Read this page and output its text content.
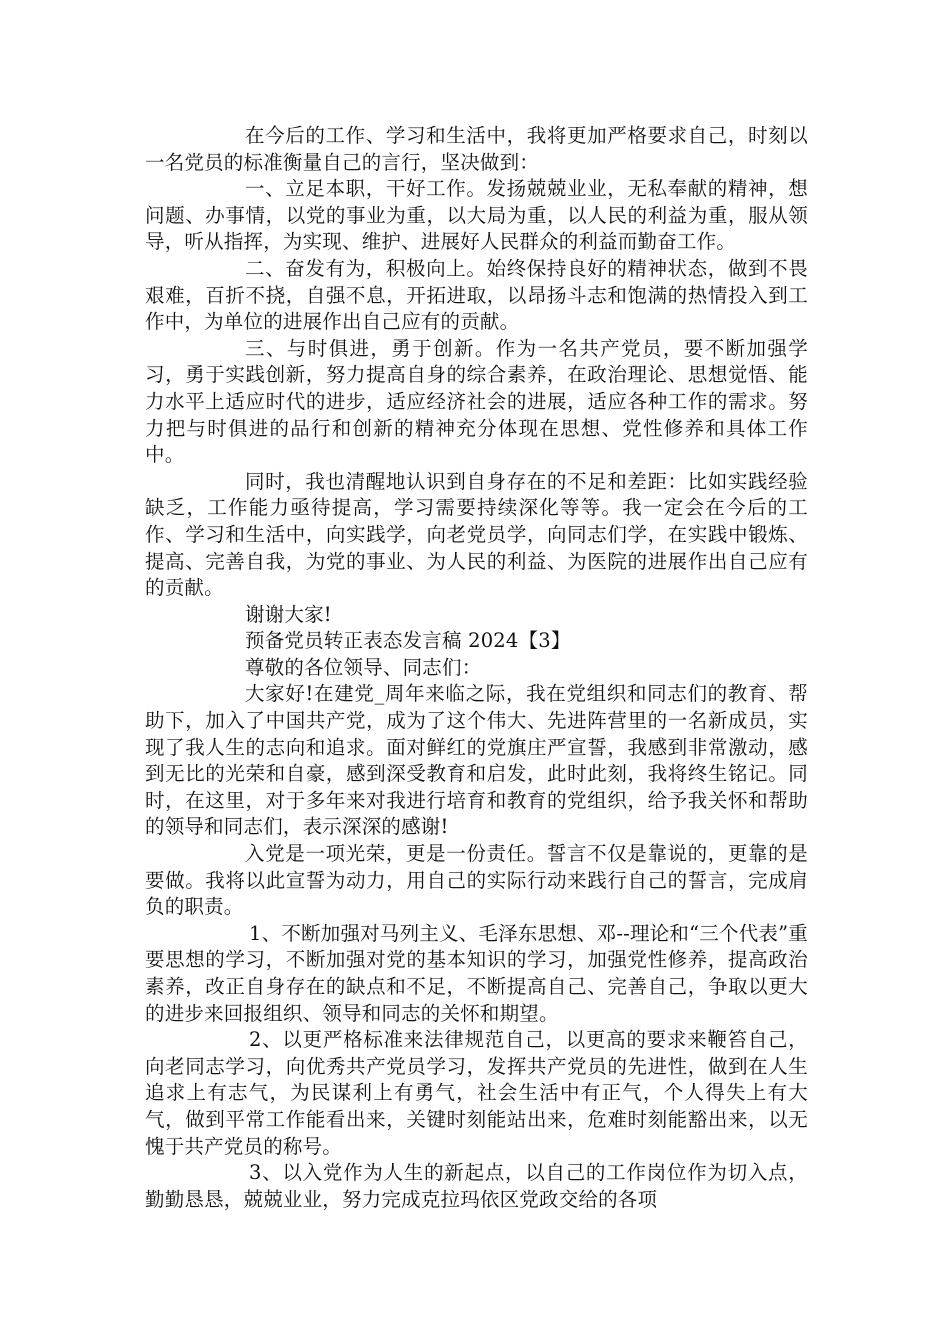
在今后的工作、学习和生活中，我将更加严格要求自己，时刻以一名党员的标准衡量自己的言行，坚决做到：

一、立足本职，干好工作。发扬兢兢业业，无私奉献的精神，想问题、办事情，以党的事业为重，以大局为重，以人民的利益为重，服从领导，听从指挥，为实现、维护、进展好人民群众的利益而勤奋工作。

二、奋发有为，积极向上。始终保持良好的精神状态，做到不畏艰难，百折不挠，自强不息，开拓进取，以昂扬斗志和饱满的热情投入到工作中，为单位的进展作出自己应有的贡献。

三、与时俱进，勇于创新。作为一名共产党员，要不断加强学习，勇于实践创新，努力提高自身的综合素养，在政治理论、思想觉悟、能力水平上适应时代的进步，适应经济社会的进展，适应各种工作的需求。努力把与时俱进的品行和创新的精神充分体现在思想、党性修养和具体工作中。

同时，我也清醒地认识到自身存在的不足和差距：比如实践经验缺乏，工作能力亟待提高，学习需要持续深化等等。我一定会在今后的工作、学习和生活中，向实践学，向老党员学，向同志们学，在实践中锻炼、提高、完善自我，为党的事业、为人民的利益、为医院的进展作出自己应有的贡献。

谢谢大家!

预备党员转正表态发言稿 2024【3】

尊敬的各位领导、同志们：

大家好!在建党_周年来临之际，我在党组织和同志们的教育、帮助下，加入了中国共产党，成为了这个伟大、先进阵营里的一名新成员，实现了我人生的志向和追求。面对鲜红的党旗庄严宣誓，我感到非常激动，感到无比的光荣和自豪，感到深受教育和启发，此时此刻，我将终生铭记。同时，在这里，对于多年来对我进行培育和教育的党组织，给予我关怀和帮助的领导和同志们，表示深深的感谢!

入党是一项光荣，更是一份责任。誓言不仅是靠说的，更靠的是要做。我将以此宣誓为动力，用自己的实际行动来践行自己的誓言，完成肩负的职责。

1、不断加强对马列主义、毛泽东思想、邓--理论和“三个代表”重要思想的学习，不断加强对党的基本知识的学习，加强党性修养，提高政治素养，改正自身存在的缺点和不足，不断提高自己、完善自己，争取以更大的进步来回报组织、领导和同志的关怀和期望。

2、以更严格标准来法律规范自己，以更高的要求来鞭笞自己，向老同志学习，向优秀共产党员学习，发挥共产党员的先进性，做到在人生追求上有志气，为民谋利上有勇气，社会生活中有正气，个人得失上有大气，做到平常工作能看出来，关键时刻能站出来，危难时刻能豁出来，以无愧于共产党员的称号。

3、以入党作为人生的新起点，以自己的工作岗位作为切入点，勤勤恳恳，兢兢业业，努力完成克拉玛依区党政交给的各项
